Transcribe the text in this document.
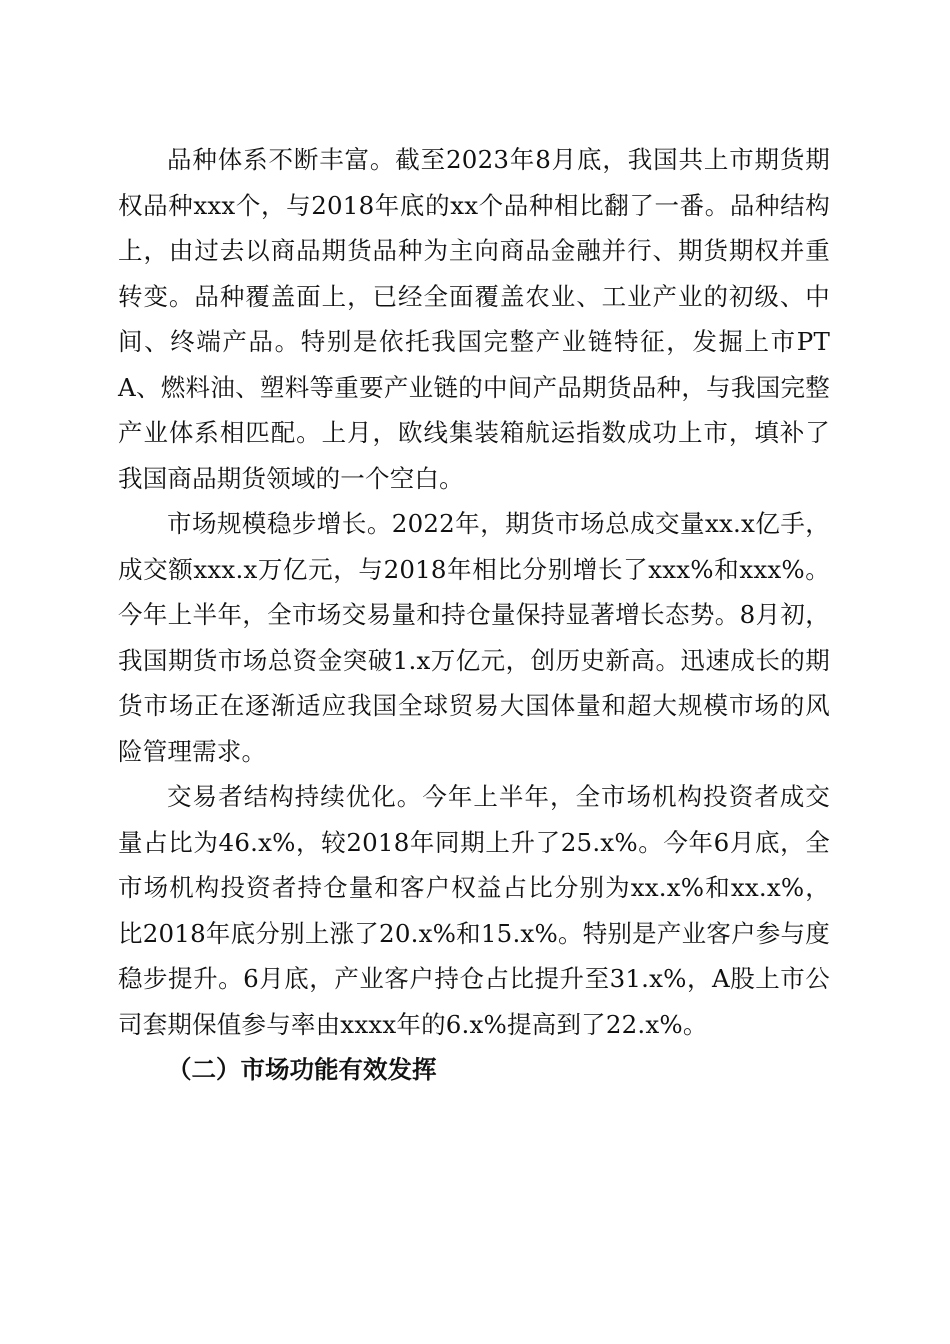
品种体系不断丰富。截至2023年8月底，我国共上市期货期权品种xxx个，与2018年底的xx个品种相比翻了一番。品种结构上，由过去以商品期货品种为主向商品金融并行、期货期权并重转变。品种覆盖面上，已经全面覆盖农业、工业产业的初级、中间、终端产品。特别是依托我国完整产业链特征，发掘上市PTA、燃料油、塑料等重要产业链的中间产品期货品种，与我国完整产业体系相匹配。上月，欧线集装箱航运指数成功上市，填补了我国商品期货领域的一个空白。

市场规模稳步增长。2022年，期货市场总成交量xx.x亿手，成交额xxx.x万亿元，与2018年相比分别增长了xxx%和xxx%。今年上半年，全市场交易量和持仓量保持显著增长态势。8月初，我国期货市场总资金突破1.x万亿元，创历史新高。迅速成长的期货市场正在逐渐适应我国全球贸易大国体量和超大规模市场的风险管理需求。

交易者结构持续优化。今年上半年，全市场机构投资者成交量占比为46.x%，较2018年同期上升了25.x%。今年6月底，全市场机构投资者持仓量和客户权益占比分别为xx.x%和xx.x%，比2018年底分别上涨了20.x%和15.x%。特别是产业客户参与度稳步提升。6月底，产业客户持仓占比提升至31.x%，A股上市公司套期保值参与率由xxxx年的6.x%提高到了22.x%。

（二）市场功能有效发挥
